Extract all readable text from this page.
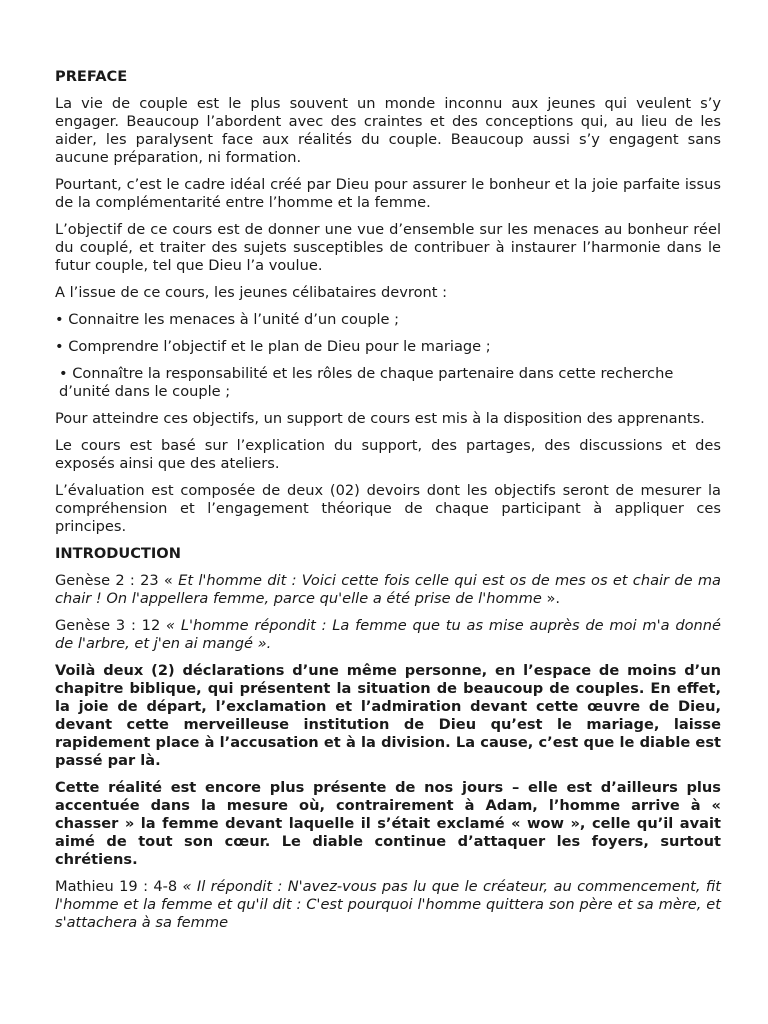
PREFACE

La vie de couple est le plus souvent un monde inconnu aux jeunes qui veulent s’y engager. Beaucoup l’abordent avec des craintes et des conceptions qui, au lieu de les aider, les paralysent face aux réalités du couple. Beaucoup aussi s’y engagent sans aucune préparation, ni formation.

Pourtant, c’est le cadre idéal créé par Dieu pour assurer le bonheur et la joie parfaite issus de la complémentarité entre l’homme et la femme.

L’objectif de ce cours est de donner une vue d’ensemble sur les menaces au bonheur réel du couplé, et traiter des sujets susceptibles de contribuer à instaurer l’harmonie dans le futur couple, tel que Dieu l’a voulue.

A l’issue de ce cours, les jeunes célibataires devront :

• Connaitre les menaces à l’unité d’un couple ;
• Comprendre l’objectif et le plan de Dieu pour le mariage ;
• Connaître la responsabilité et les rôles de chaque partenaire dans cette recherche d’unité dans le couple ;

Pour atteindre ces objectifs, un support de cours est mis à la disposition des apprenants.

Le cours est basé sur l’explication du support, des partages, des discussions et des exposés ainsi que des ateliers.

L’évaluation est composée de deux (02) devoirs dont les objectifs seront de mesurer la compréhension et l’engagement théorique de chaque participant à appliquer ces principes.

INTRODUCTION

Genèse 2 : 23 « Et l'homme dit : Voici cette fois celle qui est os de mes os et chair de ma chair ! On l'appellera femme, parce qu'elle a été prise de l'homme ».

Genèse 3 : 12 « L'homme répondit : La femme que tu as mise auprès de moi m'a donné de l'arbre, et j'en ai mangé ».

Voilà deux (2) déclarations d’une même personne, en l’espace de moins d’un chapitre biblique, qui présentent la situation de beaucoup de couples. En effet, la joie de départ, l’exclamation et l’admiration devant cette œuvre de Dieu, devant cette merveilleuse institution de Dieu qu’est le mariage, laisse rapidement place à l’accusation et à la division. La cause, c’est que le diable est passé par là.

Cette réalité est encore plus présente de nos jours – elle est d’ailleurs plus accentuée dans la mesure où, contrairement à Adam, l’homme arrive à « chasser » la femme devant laquelle il s’était exclamé « wow », celle qu’il avait aimé de tout son cœur. Le diable continue d’attaquer les foyers, surtout chrétiens.

Mathieu 19 : 4-8 « Il répondit : N'avez-vous pas lu que le créateur, au commencement, fit l'homme et la femme et qu'il dit : C'est pourquoi l'homme quittera son père et sa mère, et s'attachera à sa femme
